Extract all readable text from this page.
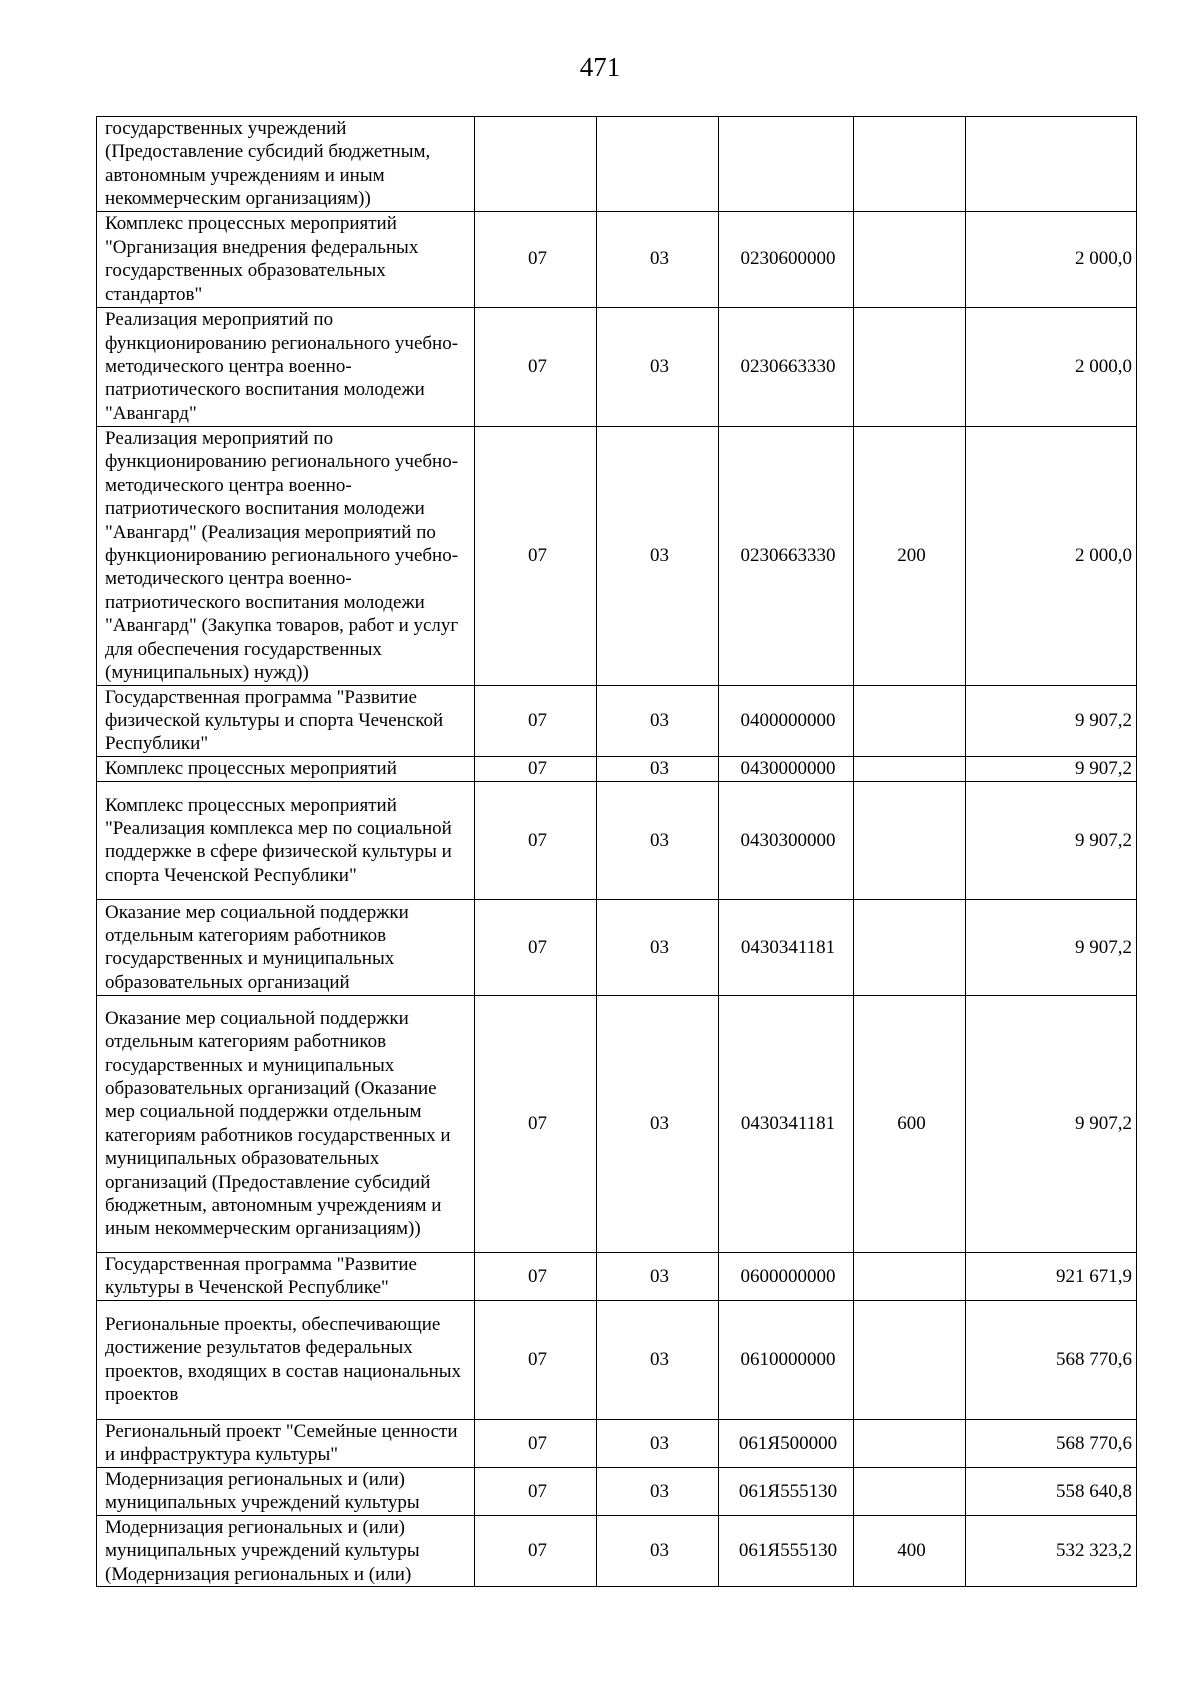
471
государственных учреждений (Предоставление субсидий бюджетным, автономным учреждениям и иным некоммерческим организациям))					
Комплекс процессных мероприятий "Организация внедрения федеральных государственных образовательных стандартов"	07	03	0230600000		2 000,0
Реализация мероприятий по функционированию регионального учебно-методического центра военно-патриотического воспитания молодежи "Авангард"	07	03	0230663330		2 000,0
Реализация мероприятий по функционированию регионального учебно-методического центра военно-патриотического воспитания молодежи "Авангард" (Реализация мероприятий по функционированию регионального учебно-методического центра военно-патриотического воспитания молодежи "Авангард" (Закупка товаров, работ и услуг для обеспечения государственных (муниципальных) нужд))	07	03	0230663330	200	2 000,0
Государственная программа "Развитие физической культуры и спорта Чеченской Республики"	07	03	0400000000		9 907,2
Комплекс процессных мероприятий	07	03	0430000000		9 907,2
Комплекс процессных мероприятий "Реализация комплекса мер по социальной поддержке в сфере физической культуры и спорта Чеченской Республики"	07	03	0430300000		9 907,2
Оказание мер социальной поддержки отдельным категориям работников государственных и муниципальных образовательных организаций	07	03	0430341181		9 907,2
Оказание мер социальной поддержки отдельным категориям работников государственных и муниципальных образовательных организаций (Оказание мер социальной поддержки отдельным категориям работников государственных и муниципальных образовательных организаций (Предоставление субсидий бюджетным, автономным учреждениям и иным некоммерческим организациям))	07	03	0430341181	600	9 907,2
Государственная программа "Развитие культуры в Чеченской Республике"	07	03	0600000000		921 671,9
Региональные проекты, обеспечивающие достижение результатов федеральных проектов, входящих в состав национальных проектов	07	03	0610000000		568 770,6
Региональный проект "Семейные ценности и инфраструктура культуры"	07	03	061Я500000		568 770,6
Модернизация региональных и (или) муниципальных учреждений культуры	07	03	061Я555130		558 640,8
Модернизация региональных и (или) муниципальных учреждений культуры (Модернизация региональных и (или)	07	03	061Я555130	400	532 323,2
